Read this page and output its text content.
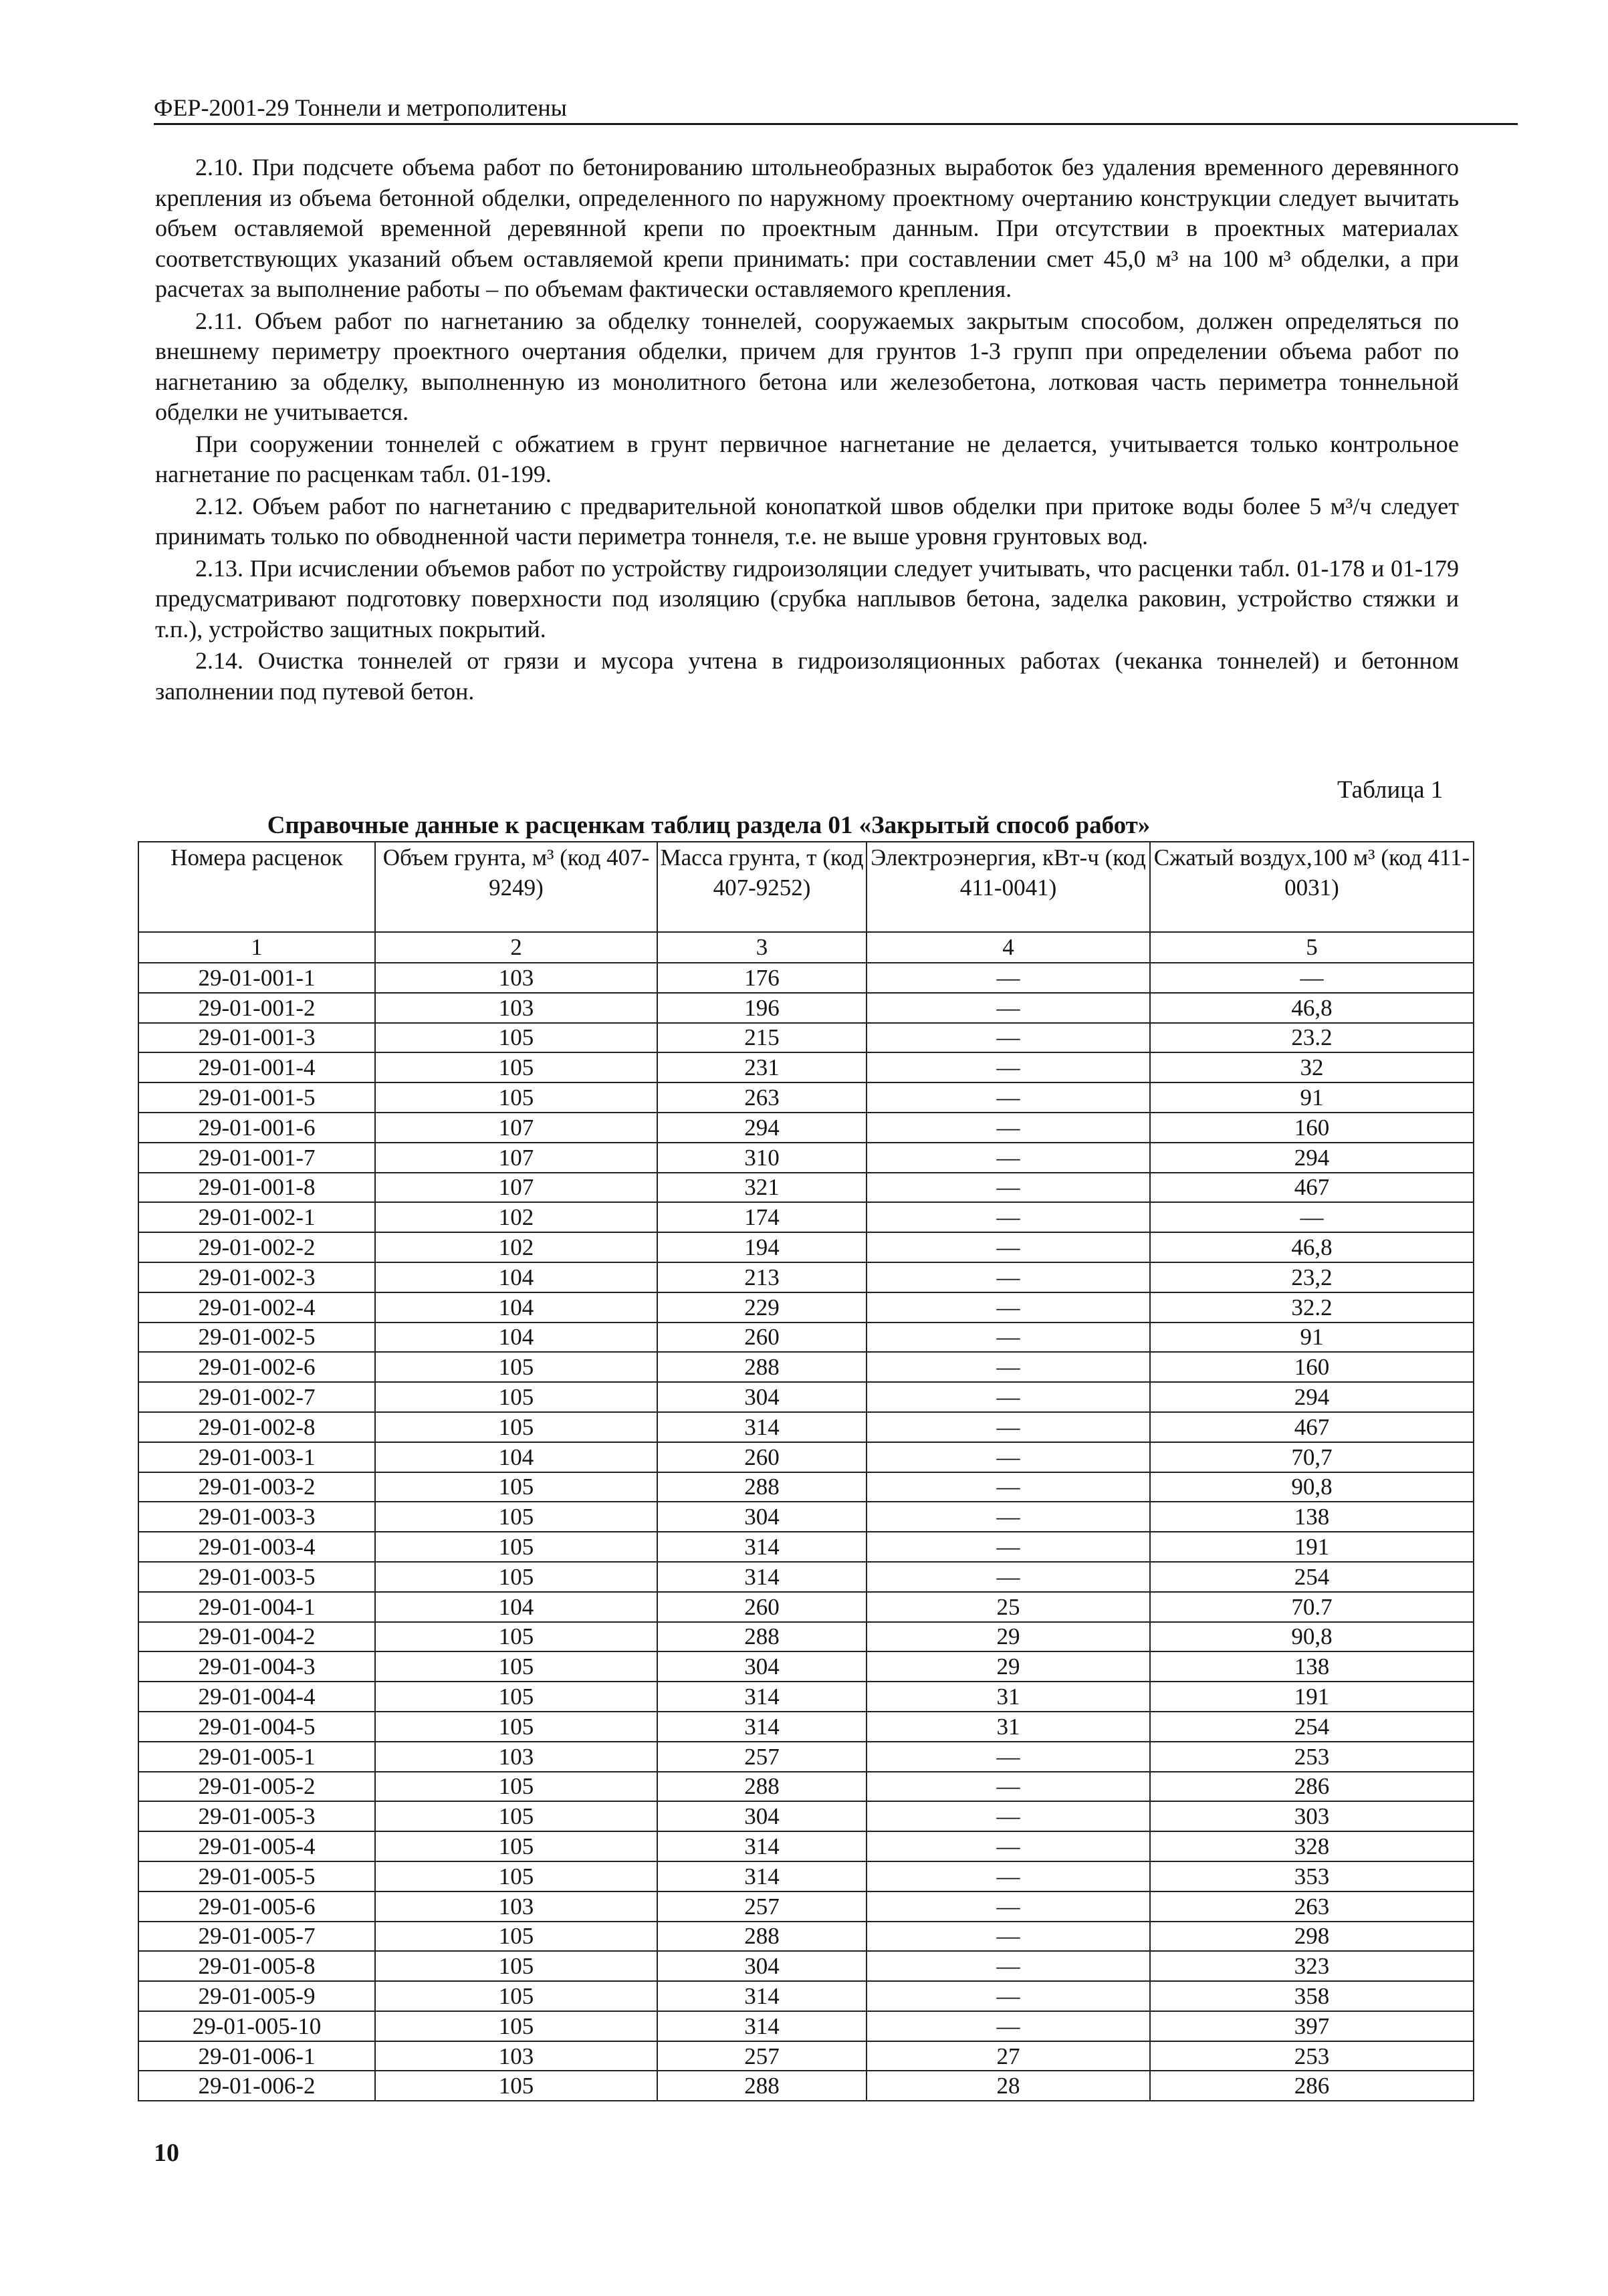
ФЕР-2001-29 Тоннели и метрополитены

2.10. При подсчете объема работ по бетонированию штольнеобразных выработок без удаления временного деревянного крепления из объема бетонной обделки, определенного по наружному проектному очертанию конструкции следует вычитать объем оставляемой временной деревянной крепи по проектным данным. При отсутствии в проектных материалах соответствующих указаний объем оставляемой крепи принимать: при составлении смет 45,0 м³ на 100 м³ обделки, а при расчетах за выполнение работы – по объемам фактически оставляемого крепления.

2.11. Объем работ по нагнетанию за обделку тоннелей, сооружаемых закрытым способом, должен определяться по внешнему периметру проектного очертания обделки, причем для грунтов 1-3 групп при определении объема работ по нагнетанию за обделку, выполненную из монолитного бетона или железобетона, лотковая часть периметра тоннельной обделки не учитывается.

При сооружении тоннелей с обжатием в грунт первичное нагнетание не делается, учитывается только контрольное нагнетание по расценкам табл. 01-199.

2.12. Объем работ по нагнетанию с предварительной конопаткой швов обделки при притоке воды более 5 м³/ч следует принимать только по обводненной части периметра тоннеля, т.е. не выше уровня грунтовых вод.

2.13. При исчислении объемов работ по устройству гидроизоляции следует учитывать, что расценки табл. 01-178 и 01-179 предусматривают подготовку поверхности под изоляцию (срубка наплывов бетона, заделка раковин, устройство стяжки и т.п.), устройство защитных покрытий.

2.14. Очистка тоннелей от грязи и мусора учтена в гидроизоляционных работах (чеканка тоннелей) и бетонном заполнении под путевой бетон.

Таблица 1
Справочные данные к расценкам таблиц раздела 01 «Закрытый способ работ»
Номера расценок	Объем грунта, м³ (код 407-9249)	Масса грунта, т (код 407-9252)	Электроэнергия, кВт-ч (код 411-0041)	Сжатый воздух,100 м³ (код 411-0031)
1	2	3	4	5
29-01-001-1	103	176	—	—
29-01-001-2	103	196	—	46,8
29-01-001-3	105	215	—	23.2
29-01-001-4	105	231	—	32
29-01-001-5	105	263	—	91
29-01-001-6	107	294	—	160
29-01-001-7	107	310	—	294
29-01-001-8	107	321	—	467
29-01-002-1	102	174	—	—
29-01-002-2	102	194	—	46,8
29-01-002-3	104	213	—	23,2
29-01-002-4	104	229	—	32.2
29-01-002-5	104	260	—	91
29-01-002-6	105	288	—	160
29-01-002-7	105	304	—	294
29-01-002-8	105	314	—	467
29-01-003-1	104	260	—	70,7
29-01-003-2	105	288	—	90,8
29-01-003-3	105	304	—	138
29-01-003-4	105	314	—	191
29-01-003-5	105	314	—	254
29-01-004-1	104	260	25	70.7
29-01-004-2	105	288	29	90,8
29-01-004-3	105	304	29	138
29-01-004-4	105	314	31	191
29-01-004-5	105	314	31	254
29-01-005-1	103	257	—	253
29-01-005-2	105	288	—	286
29-01-005-3	105	304	—	303
29-01-005-4	105	314	—	328
29-01-005-5	105	314	—	353
29-01-005-6	103	257	—	263
29-01-005-7	105	288	—	298
29-01-005-8	105	304	—	323
29-01-005-9	105	314	—	358
29-01-005-10	105	314	—	397
29-01-006-1	103	257	27	253
29-01-006-2	105	288	28	286
10
